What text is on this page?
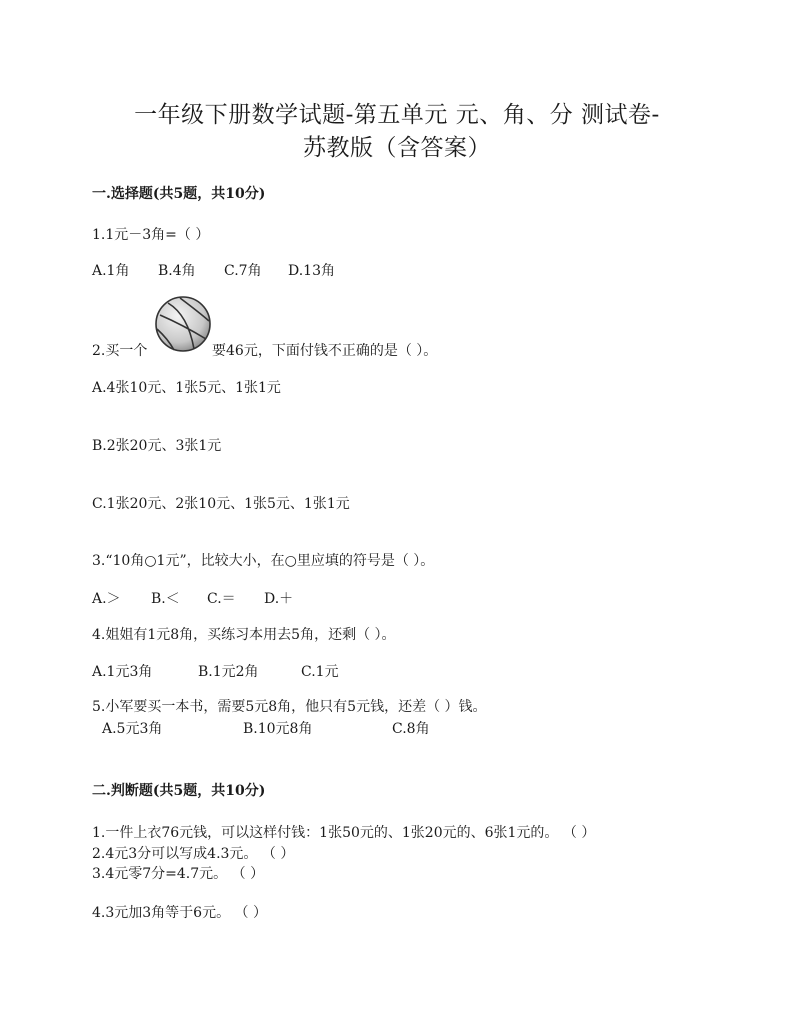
一年级下册数学试题-第五单元 元、角、分 测试卷-
苏教版（含答案）
一.选择题(共5题，共10分)
1.1元－3角=（ ）
A.1角 B.4角 C.7角 D.13角
2.买一个	要46元，下面付钱不正确的是（ ）。
A.4张10元、1张5元、1张1元
B.2张20元、3张1元
C.1张20元、2张10元、1张5元、1张1元
3.“10角○1元”，比较大小，在○里应填的符号是（ ）。
A.＞ B.＜ C.＝ D.＋
4.姐姐有1元8角，买练习本用去5角，还剩（ ）。
A.1元3角	B.1元2角	C.1元
5.小军要买一本书，需要5元8角，他只有5元钱，还差（ ）钱。
A.5元3角	B.10元8角	C.8角
二.判断题(共5题，共10分)
1.一件上衣76元钱，可以这样付钱：1张50元的、1张20元的、6张1元的。 （ ）
2.4元3分可以写成4.3元。 （ ）
3.4元零7分=4.7元。 （ ）
4.3元加3角等于6元。 （ ）
